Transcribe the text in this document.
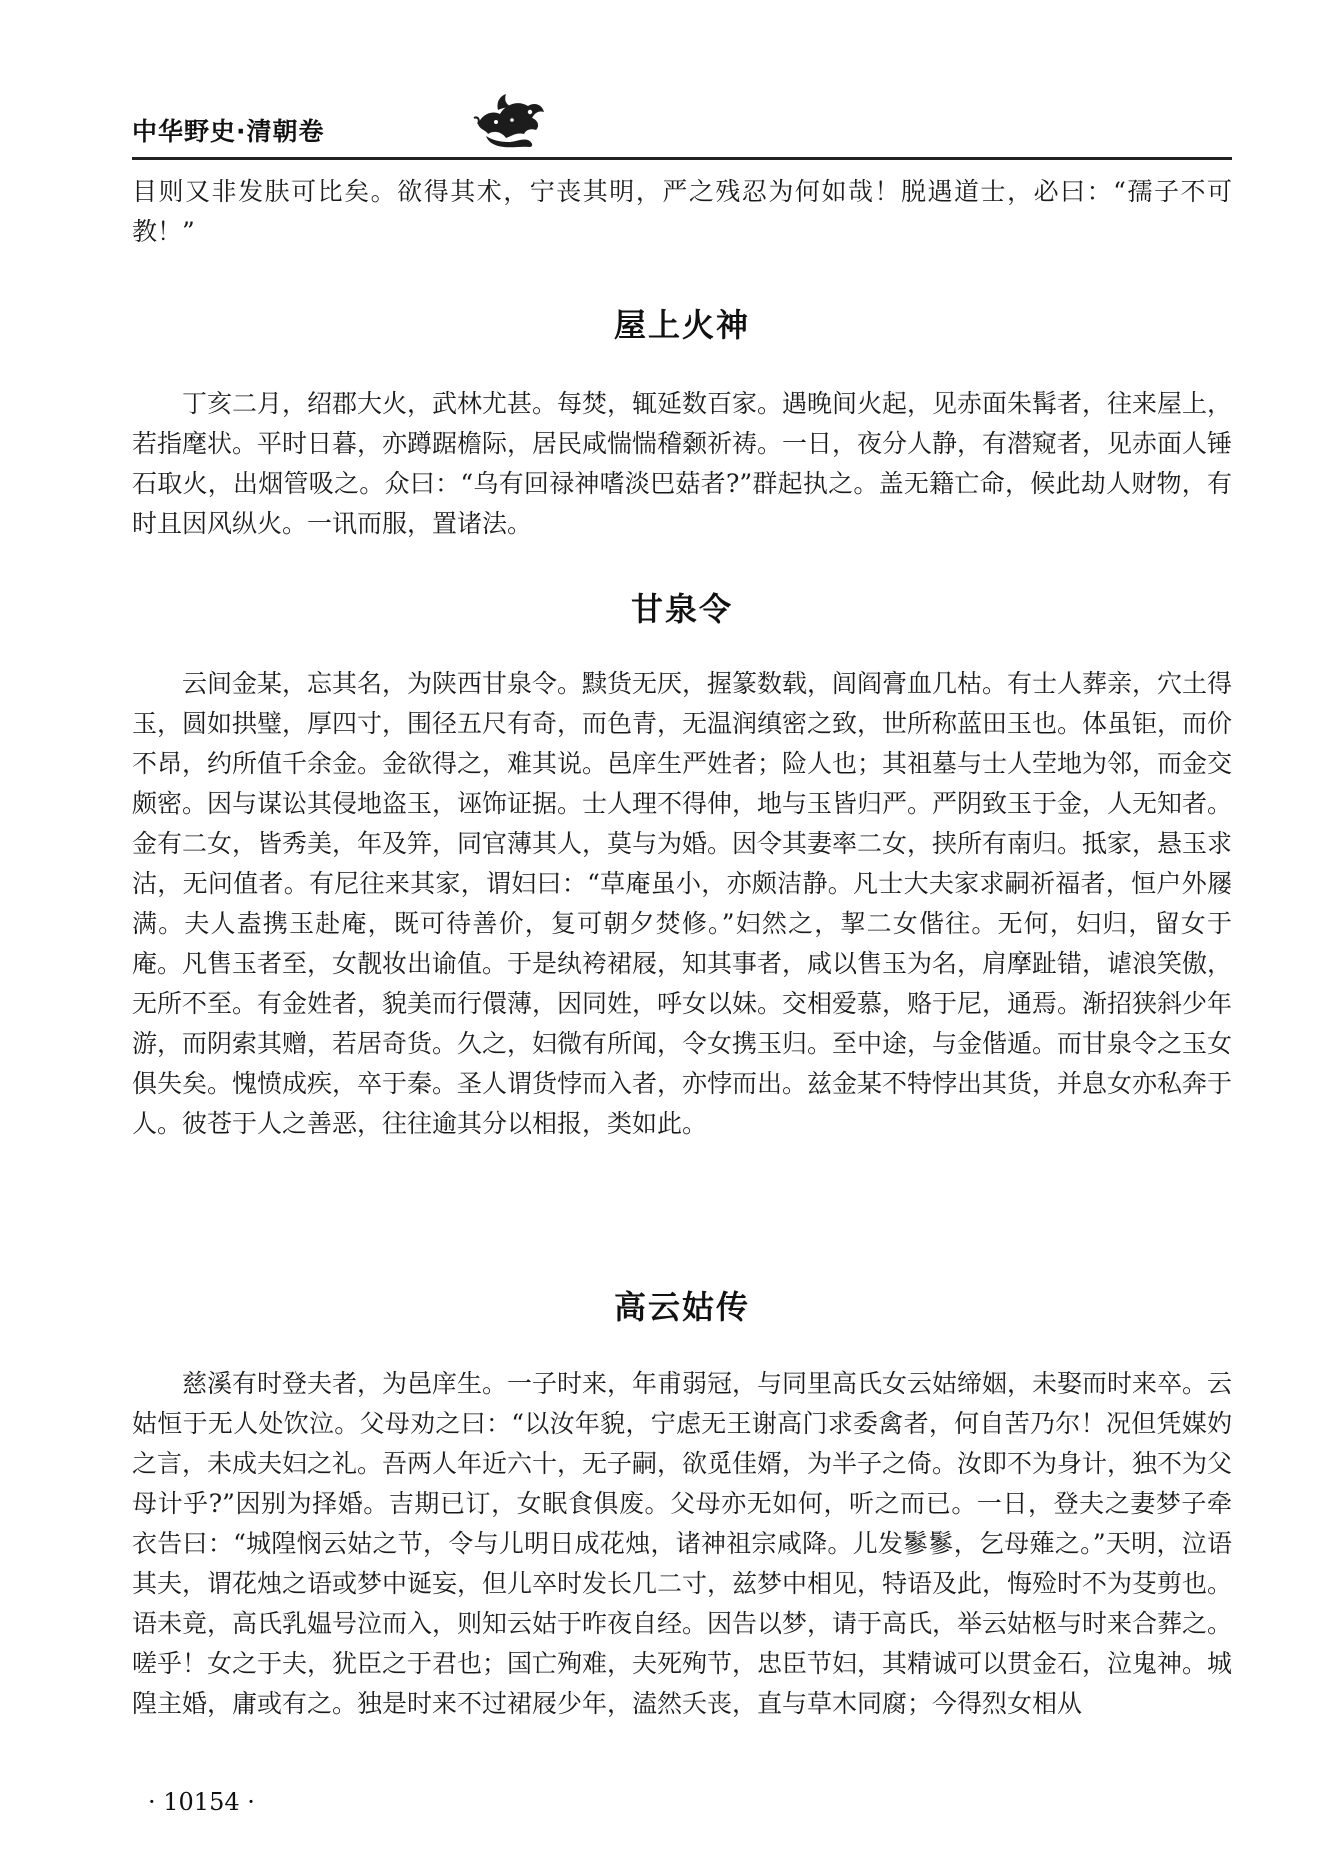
中华野史·清朝卷

目则又非发肤可比矣。欲得其术，宁丧其明，严之残忍为何如哉！脱遇道士，必曰：“孺子不可教！”

屋上火神

丁亥二月，绍郡大火，武林尤甚。每焚，辄延数百家。遇晚间火起，见赤面朱髯者，往来屋上，若指麾状。平时日暮，亦蹲踞檐际，居民咸惴惴稽颡祈祷。一日，夜分人静，有潜窥者，见赤面人锤石取火，出烟管吸之。众曰：“乌有回禄神嗜淡巴菇者?”群起执之。盖无籍亡命，候此劫人财物，有时且因风纵火。一讯而服，置诸法。

甘泉令

云间金某，忘其名，为陕西甘泉令。黩货无厌，握篆数载，闾阎膏血几枯。有士人葬亲，穴土得玉，圆如拱璧，厚四寸，围径五尺有奇，而色青，无温润缜密之致，世所称蓝田玉也。体虽钜，而价不昂，约所值千余金。金欲得之，难其说。邑庠生严姓者；险人也；其祖墓与士人茔地为邻，而金交颇密。因与谋讼其侵地盗玉，诬饰证据。士人理不得伸，地与玉皆归严。严阴致玉于金，人无知者。金有二女，皆秀美，年及笄，同官薄其人，莫与为婚。因令其妻率二女，挟所有南归。抵家，悬玉求沽，无问值者。有尼往来其家，谓妇曰：“草庵虽小，亦颇洁静。凡士大夫家求嗣祈福者，恒户外屦满。夫人盍携玉赴庵，既可待善价，复可朝夕焚修。”妇然之，挈二女偕往。无何，妇归，留女于庵。凡售玉者至，女靓妆出谕值。于是纨袴裙屐，知其事者，咸以售玉为名，肩摩趾错，谑浪笑傲，无所不至。有金姓者，貌美而行儇薄，因同姓，呼女以妹。交相爱慕，赂于尼，通焉。渐招狭斜少年游，而阴索其赠，若居奇货。久之，妇微有所闻，令女携玉归。至中途，与金偕遁。而甘泉令之玉女俱失矣。愧愤成疾，卒于秦。圣人谓货悖而入者，亦悖而出。兹金某不特悖出其货，并息女亦私奔于人。彼苍于人之善恶，往往逾其分以相报，类如此。

高云姑传

慈溪有时登夫者，为邑庠生。一子时来，年甫弱冠，与同里高氏女云姑缔姻，未娶而时来卒。云姑恒于无人处饮泣。父母劝之曰：“以汝年貌，宁虑无王谢高门求委禽者，何自苦乃尔！况但凭媒妁之言，未成夫妇之礼。吾两人年近六十，无子嗣，欲觅佳婿，为半子之倚。汝即不为身计，独不为父母计乎?”因别为择婚。吉期已订，女眠食俱废。父母亦无如何，听之而已。一日，登夫之妻梦子牵衣告曰：“城隍悯云姑之节，令与儿明日成花烛，诸神祖宗咸降。儿发鬖鬖，乞母薙之。”天明，泣语其夫，谓花烛之语或梦中诞妄，但儿卒时发长几二寸，兹梦中相见，特语及此，悔殓时不为芟剪也。语未竟，高氏乳媪号泣而入，则知云姑于昨夜自经。因告以梦，请于高氏，举云姑柩与时来合葬之。嗟乎！女之于夫，犹臣之于君也；国亡殉难，夫死殉节，忠臣节妇，其精诚可以贯金石，泣鬼神。城隍主婚，庸或有之。独是时来不过裙屐少年，溘然夭丧，直与草木同腐；今得烈女相从

· 10154 ·
